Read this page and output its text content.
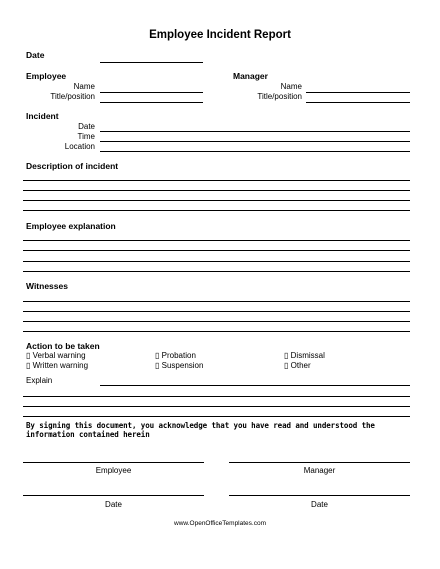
Employee Incident Report
Date
Employee
Name
Title/position
Manager
Name
Title/position
Incident
Date
Time
Location
Description of incident
Employee explanation
Witnesses
Action to be taken
▯ Verbal warning
▯ Written warning
▯ Probation
▯ Suspension
▯ Dismissal
▯ Other
Explain
By signing this document, you acknowledge that you have read and understood the information contained herein
Employee	Manager
Date	Date
www.OpenOfficeTemplates.com
